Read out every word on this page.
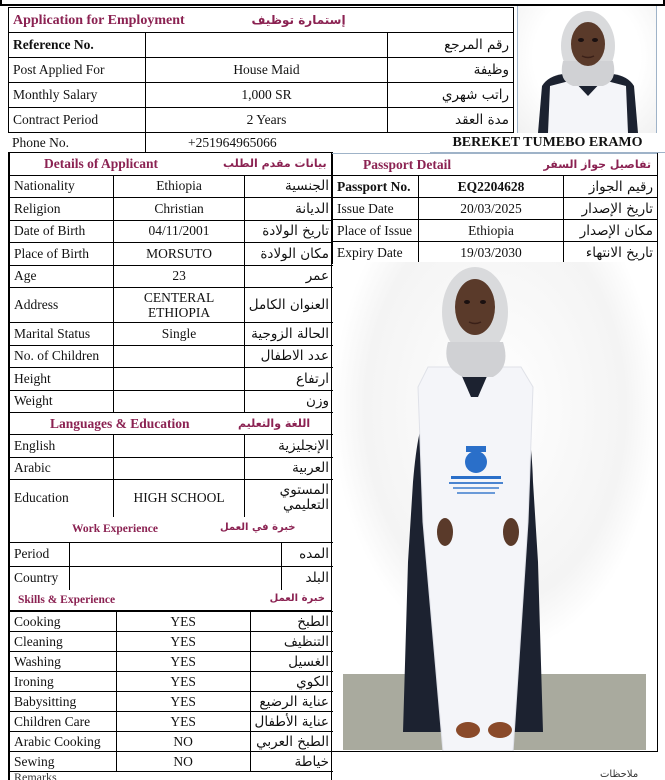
Application for Employment إستمارة توظيف		

Reference No.		رقم المرجع
Post Applied For	House Maid	وظيفة
Monthly Salary	1,000 SR	راتب شهري
Contract Period	2 Years	مدة العقد
BEREKET TUMEBO ERAMO
Phone No.	+251964965066
Details of Applicant بيانات مقدم الطلب		

Nationality	Ethiopia	الجنسية
Religion	Christian	الديانة
Date of Birth	04/11/2001	تاريخ الولادة
Place of Birth	MORSUTO	مكان الولادة
Age	23	عمر
Address	CENTERAL ETHIOPIA	العنوان الكامل
Marital Status	Single	الحالة الزوجية
No. of Children		عدد الاطفال
Height		ارتفاع
Weight		وزن
Languages & Education اللغة والتعليم		

English		الإنجليزية
Arabic		العربية
Education	HIGH SCHOOL	المستوي التعليمي
Work Experience	خبرة في العمل
Period		المده
Country		البلد
Skills & Experience	خبرة العمل
Cooking	YES	الطبخ
Cleaning	YES	التنظيف
Washing	YES	الغسيل
Ironing	YES	الكوي
Babysitting	YES	عناية الرضيع
Children Care	YES	عناية الأطفال
Arabic Cooking	NO	الطبخ العربي
Sewing	NO	خياطة
Passport Detail تفاصيل جواز السفر		

Passport No.	EQ2204628	رقيم الجواز
Issue Date	20/03/2025	تاريخ الإصدار
Place of Issue	Ethiopia	مكان الإصدار
Expiry Date	19/03/2030	تاريخ الانتهاء
Remarks	ملاحظات
